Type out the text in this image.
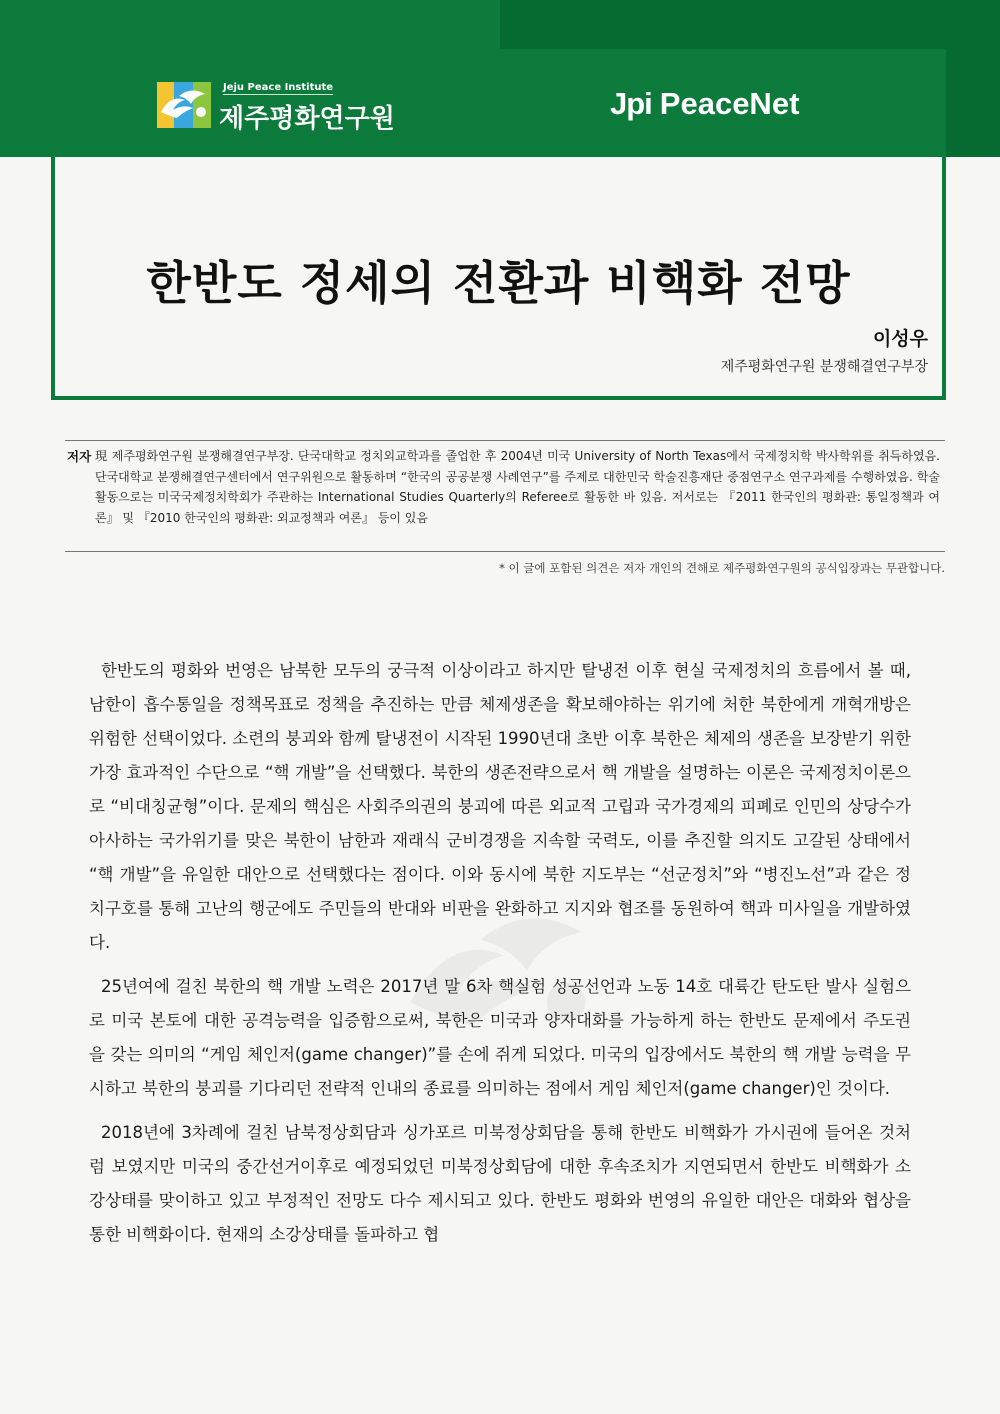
Jeju Peace Institute
제주평화연구원	Jpi PeaceNet
한반도 정세의 전환과 비핵화 전망
이성우
제주평화연구원 분쟁해결연구부장
저자 現 제주평화연구원 분쟁해결연구부장. 단국대학교 정치외교학과를 졸업한 후 2004년 미국 University of North Texas에서 국제정치학 박사학위를 취득하였음. 단국대학교 분쟁해결연구센터에서 연구위원으로 활동하며 “한국의 공공분쟁 사례연구”를 주제로 대한민국 학술진흥재단 중점연구소 연구과제를 수행하였음. 학술활동으로는 미국국제정치학회가 주관하는 International Studies Quarterly의 Referee로 활동한 바 있음. 저서로는 『2011 한국인의 평화관: 통일정책과 여론』 및 『2010 한국인의 평화관: 외교정책과 여론』 등이 있음
* 이 글에 포함된 의견은 저자 개인의 견해로 제주평화연구원의 공식입장과는 무관합니다.

한반도의 평화와 번영은 남북한 모두의 궁극적 이상이라고 하지만 탈냉전 이후 현실 국제정치의 흐름에서 볼 때, 남한이 흡수통일을 정책목표로 정책을 추진하는 만큼 체제생존을 확보해야하는 위기에 처한 북한에게 개혁개방은 위험한 선택이었다. 소련의 붕괴와 함께 탈냉전이 시작된 1990년대 초반 이후 북한은 체제의 생존을 보장받기 위한 가장 효과적인 수단으로 “핵 개발”을 선택했다. 북한의 생존전략으로서 핵 개발을 설명하는 이론은 국제정치이론으로 “비대칭균형”이다. 문제의 핵심은 사회주의권의 붕괴에 따른 외교적 고립과 국가경제의 피폐로 인민의 상당수가 아사하는 국가위기를 맞은 북한이 남한과 재래식 군비경쟁을 지속할 국력도, 이를 추진할 의지도 고갈된 상태에서 “핵 개발”을 유일한 대안으로 선택했다는 점이다. 이와 동시에 북한 지도부는 “선군정치”와 “병진노선”과 같은 정치구호를 통해 고난의 행군에도 주민들의 반대와 비판을 완화하고 지지와 협조를 동원하여 핵과 미사일을 개발하였다.

25년여에 걸친 북한의 핵 개발 노력은 2017년 말 6차 핵실험 성공선언과 노동 14호 대륙간 탄도탄 발사 실험으로 미국 본토에 대한 공격능력을 입증함으로써, 북한은 미국과 양자대화를 가능하게 하는 한반도 문제에서 주도권을 갖는 의미의 “게임 체인저(game changer)”를 손에 쥐게 되었다. 미국의 입장에서도 북한의 핵 개발 능력을 무시하고 북한의 붕괴를 기다리던 전략적 인내의 종료를 의미하는 점에서 게임 체인저(game changer)인 것이다.

2018년에 3차례에 걸친 남북정상회담과 싱가포르 미북정상회담을 통해 한반도 비핵화가 가시권에 들어온 것처럼 보였지만 미국의 중간선거이후로 예정되었던 미북정상회담에 대한 후속조치가 지연되면서 한반도 비핵화가 소강상태를 맞이하고 있고 부정적인 전망도 다수 제시되고 있다. 한반도 평화와 번영의 유일한 대안은 대화와 협상을 통한 비핵화이다. 현재의 소강상태를 돌파하고 협
